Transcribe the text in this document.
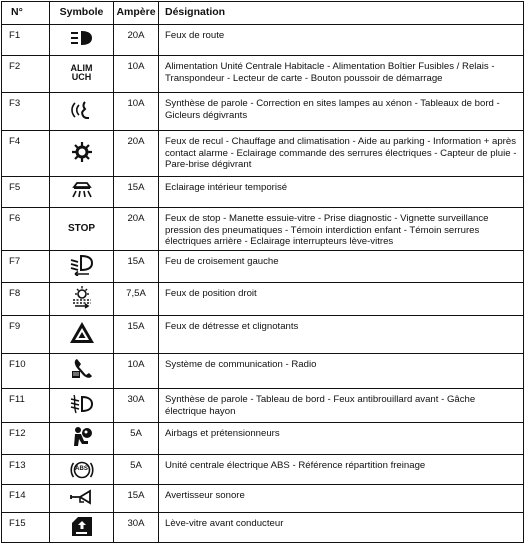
N°	Symbole	Ampère	Désignation
F1		20A	Feux de route
F2	ALIM UCH	10A	Alimentation Unité Centrale Habitacle - Alimentation Boîtier Fusibles / Relais - Transpondeur - Lecteur de carte - Bouton poussoir de démarrage
F3		10A	Synthèse de parole - Correction en sites lampes au xénon - Tableaux de bord - Gicleurs dégivrants
F4		20A	Feux de recul - Chauffage and climatisation - Aide au parking - Information + après contact alarme - Eclairage commande des serrures électriques - Capteur de pluie - Pare-brise dégivrant
F5		15A	Eclairage intérieur temporisé
F6	STOP	20A	Feux de stop - Manette essuie-vitre - Prise diagnostic - Vignette surveillance pression des pneumatiques - Témoin interdiction enfant - Témoin serrures électriques arrière - Eclairage interrupteurs lève-vitres
F7		15A	Feu de croisement gauche
F8		7,5A	Feux de position droit
F9		15A	Feux de détresse et clignotants
F10		10A	Système de communication - Radio
F11		30A	Synthèse de parole - Tableau de bord - Feux antibrouillard avant - Gâche électrique hayon
F12		5A	Airbags et prétensionneurs
F13	ABS	5A	Unité centrale électrique ABS - Référence répartition freinage
F14		15A	Avertisseur sonore
F15		30A	Lève-vitre avant conducteur
